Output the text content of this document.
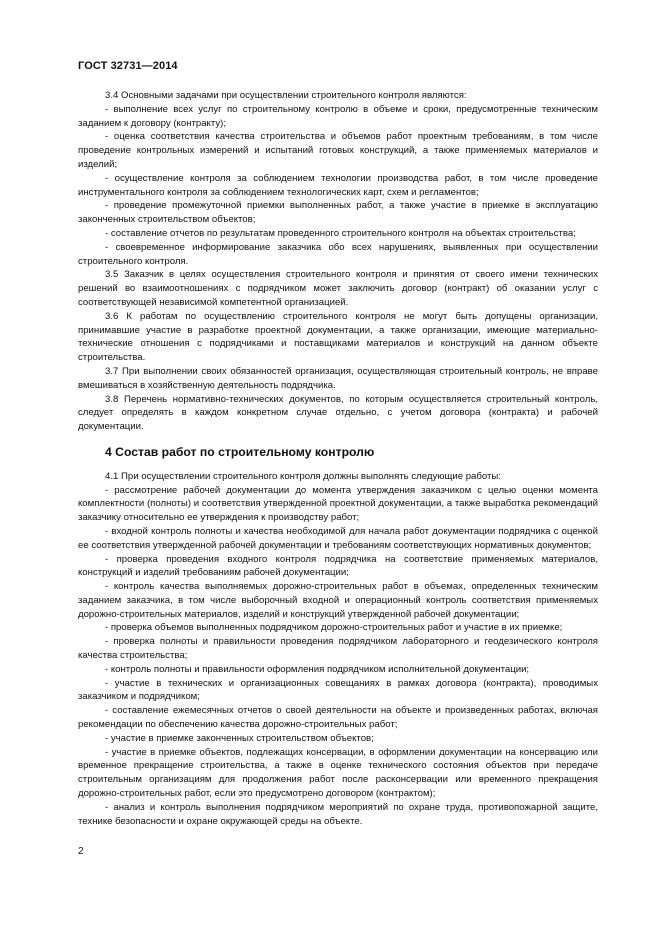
ГОСТ 32731—2014

3.4 Основными задачами при осуществлении строительного контроля являются:

- выполнение всех услуг по строительному контролю в объеме и сроки, предусмотренные техническим заданием к договору (контракту);

- оценка соответствия качества строительства и объемов работ проектным требованиям, в том числе проведение контрольных измерений и испытаний готовых конструкций, а также применяемых материалов и изделий;

- осуществление контроля за соблюдением технологии производства работ, в том числе проведение инструментального контроля за соблюдением технологических карт, схем и регламентов;

- проведение промежуточной приемки выполненных работ, а также участие в приемке в эксплуатацию законченных строительством объектов;

- составление отчетов по результатам проведенного строительного контроля на объектах строительства;

- своевременное информирование заказчика обо всех нарушениях, выявленных при осуществлении строительного контроля.

3.5 Заказчик в целях осуществления строительного контроля и принятия от своего имени технических решений во взаимоотношениях с подрядчиком может заключить договор (контракт) об оказании услуг с соответствующей независимой компетентной организацией.

3.6 К работам по осуществлению строительного контроля не могут быть допущены организации, принимавшие участие в разработке проектной документации, а также организации, имеющие материально-технические отношения с подрядчиками и поставщиками материалов и конструкций на данном объекте строительства.

3.7 При выполнении своих обязанностей организация, осуществляющая строительный контроль, не вправе вмешиваться в хозяйственную деятельность подрядчика.

3.8 Перечень нормативно-технических документов, по которым осуществляется строительный контроль, следует определять в каждом конкретном случае отдельно, с учетом договора (контракта) и рабочей документации.

4 Состав работ по строительному контролю

4.1 При осуществлении строительного контроля должны выполнять следующие работы:

- рассмотрение рабочей документации до момента утверждения заказчиком с целью оценки момента комплектности (полноты) и соответствия утвержденной проектной документации, а также выработка рекомендаций заказчику относительно ее утверждения к производству работ;

- входной контроль полноты и качества необходимой для начала работ документации подрядчика с оценкой ее соответствия утвержденной рабочей документации и требованиям соответствующих нормативных документов;

- проверка проведения входного контроля подрядчика на соответствие применяемых материалов, конструкций и изделий требованиям рабочей документации;

- контроль качества выполняемых дорожно-строительных работ в объемах, определенных техническим заданием заказчика, в том числе выборочный входной и операционный контроль соответствия применяемых дорожно-строительных материалов, изделий и конструкций утвержденной рабочей документации;

- проверка объемов выполненных подрядчиком дорожно-строительных работ и участие в их приемке;

- проверка полноты и правильности проведения подрядчиком лабораторного и геодезического контроля качества строительства;

- контроль полноты и правильности оформления подрядчиком исполнительной документации;

- участие в технических и организационных совещаниях в рамках договора (контракта), проводимых заказчиком и подрядчиком;

- составление ежемесячных отчетов о своей деятельности на объекте и произведенных работах, включая рекомендации по обеспечению качества дорожно-строительных работ;

- участие в приемке законченных строительством объектов;

- участие в приемке объектов, подлежащих консервации, в оформлении документации на консервацию или временное прекращение строительства, а также в оценке технического состояния объектов при передаче строительным организациям для продолжения работ после расконсервации или временного прекращения дорожно-строительных работ, если это предусмотрено договором (контрактом);

- анализ и контроль выполнения подрядчиком мероприятий по охране труда, противопожарной защите, технике безопасности и охране окружающей среды на объекте.

2
